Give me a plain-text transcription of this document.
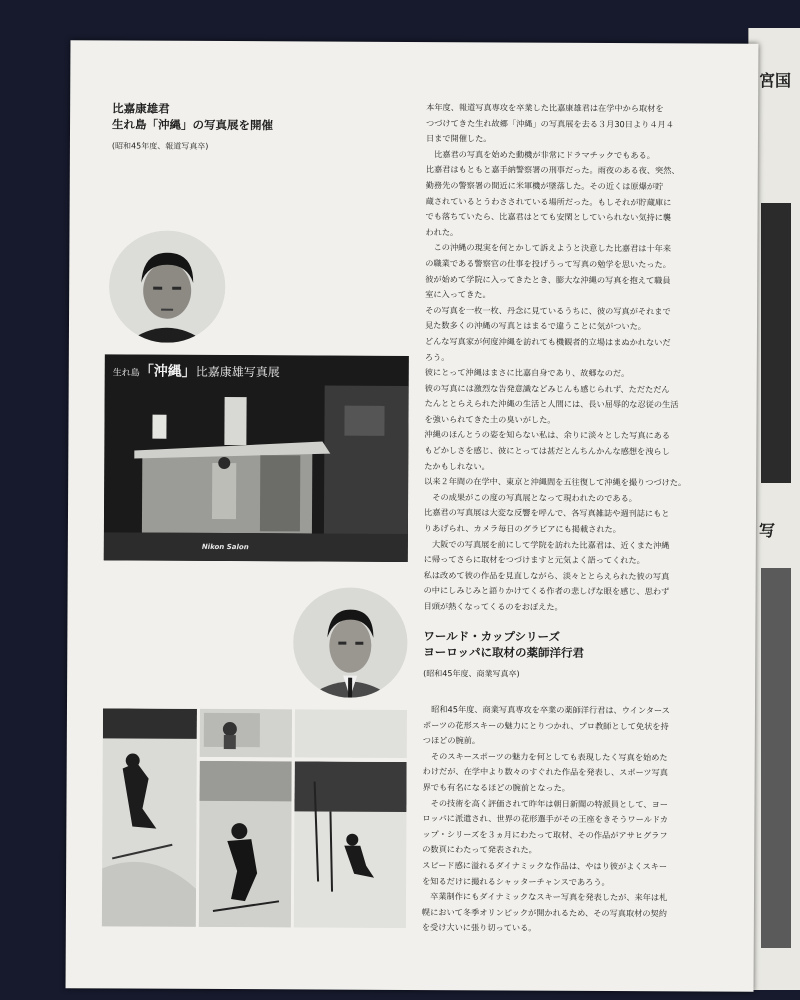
宮国
写
比嘉康雄君
生れ島「沖縄」の写真展を開催
(昭和45年度、報道写真卒)
生れ島「沖縄」比嘉康雄写真展
Nikon Salon

本年度、報道写真専攻を卒業した比嘉康雄君は在学中から取材を

つづけてきた生れ故郷「沖縄」の写真展を去る３月30日より４月４

日まで開催した。

　比嘉君の写真を始めた動機が非常にドラマチックでもある。

比嘉君はもともと嘉手納警察署の刑事だった。雨夜のある夜、突然、

勤務先の警察署の間近に米軍機が墜落した。その近くは原爆が貯

蔵されているとうわさされている場所だった。もしそれが貯蔵庫に

でも落ちていたら、比嘉君はとても安閑としていられない気持に襲

われた。

　この沖縄の現実を何とかして訴えようと決意した比嘉君は十年来

の職業である警察官の仕事を投げうって写真の勉学を思いたった。

彼が始めて学院に入ってきたとき、膨大な沖縄の写真を抱えて職員

室に入ってきた。

その写真を一枚一枚、丹念に見ているうちに、彼の写真がそれまで

見た数多くの沖縄の写真とはまるで違うことに気がついた。

どんな写真家が何度沖縄を訪れても機観者的立場はまぬかれないだ

ろう。

彼にとって沖縄はまさに比嘉自身であり、故郷なのだ。

彼の写真には激烈な告発意識などみじんも感じられず、ただただん

たんととらえられた沖縄の生活と人間には、長い屈辱的な忍従の生活

を強いられてきた土の臭いがした。

沖縄のほんとうの姿を知らない私は、余りに淡々とした写真にある

もどかしさを感じ、彼にとっては甚だとんちんかんな感想を洩らし

たかもしれない。

以来２年間の在学中、東京と沖縄間を五往復して沖縄を撮りつづけた。

　その成果がこの度の写真展となって現われたのである。

比嘉君の写真展は大変な反響を呼んで、各写真雑誌や週刊誌にもと

りあげられ、カメラ毎日のグラビアにも掲載された。

　大阪での写真展を前にして学院を訪れた比嘉君は、近くまた沖縄

に帰ってさらに取材をつづけますと元気よく語ってくれた。

私は改めて彼の作品を見直しながら、淡々ととらえられた彼の写真

の中にしみじみと語りかけてくる作者の悲しげな眼を感じ、思わず

目頭が熱くなってくるのをおぼえた。

ワールド・カップシリーズ
ヨーロッパに取材の薬師洋行君
(昭和45年度、商業写真卒)

　昭和45年度、商業写真専攻を卒業の薬師洋行君は、ウインタース

ポーツの花形スキーの魅力にとりつかれ、プロ教師として免状を持

つほどの腕前。

　そのスキースポーツの魅力を何としても表現したく写真を始めた

わけだが、在学中より数々のすぐれた作品を発表し、スポーツ写真

界でも有名になるほどの腕前となった。

　その技術を高く評価されて昨年は朝日新聞の特派員として、ヨー

ロッパに派遣され、世界の花形選手がその王座をきそうワールドカ

ップ・シリーズを３ヵ月にわたって取材、その作品がアサヒグラフ

の数頁にわたって発表された。

スピード感に溢れるダイナミックな作品は、やはり彼がよくスキー

を知るだけに撮れるシャッターチャンスであろう。

　卒業制作にもダイナミックなスキー写真を発表したが、来年は札

幌において冬季オリンピックが開かれるため、その写真取材の契約

を受け大いに張り切っている。
